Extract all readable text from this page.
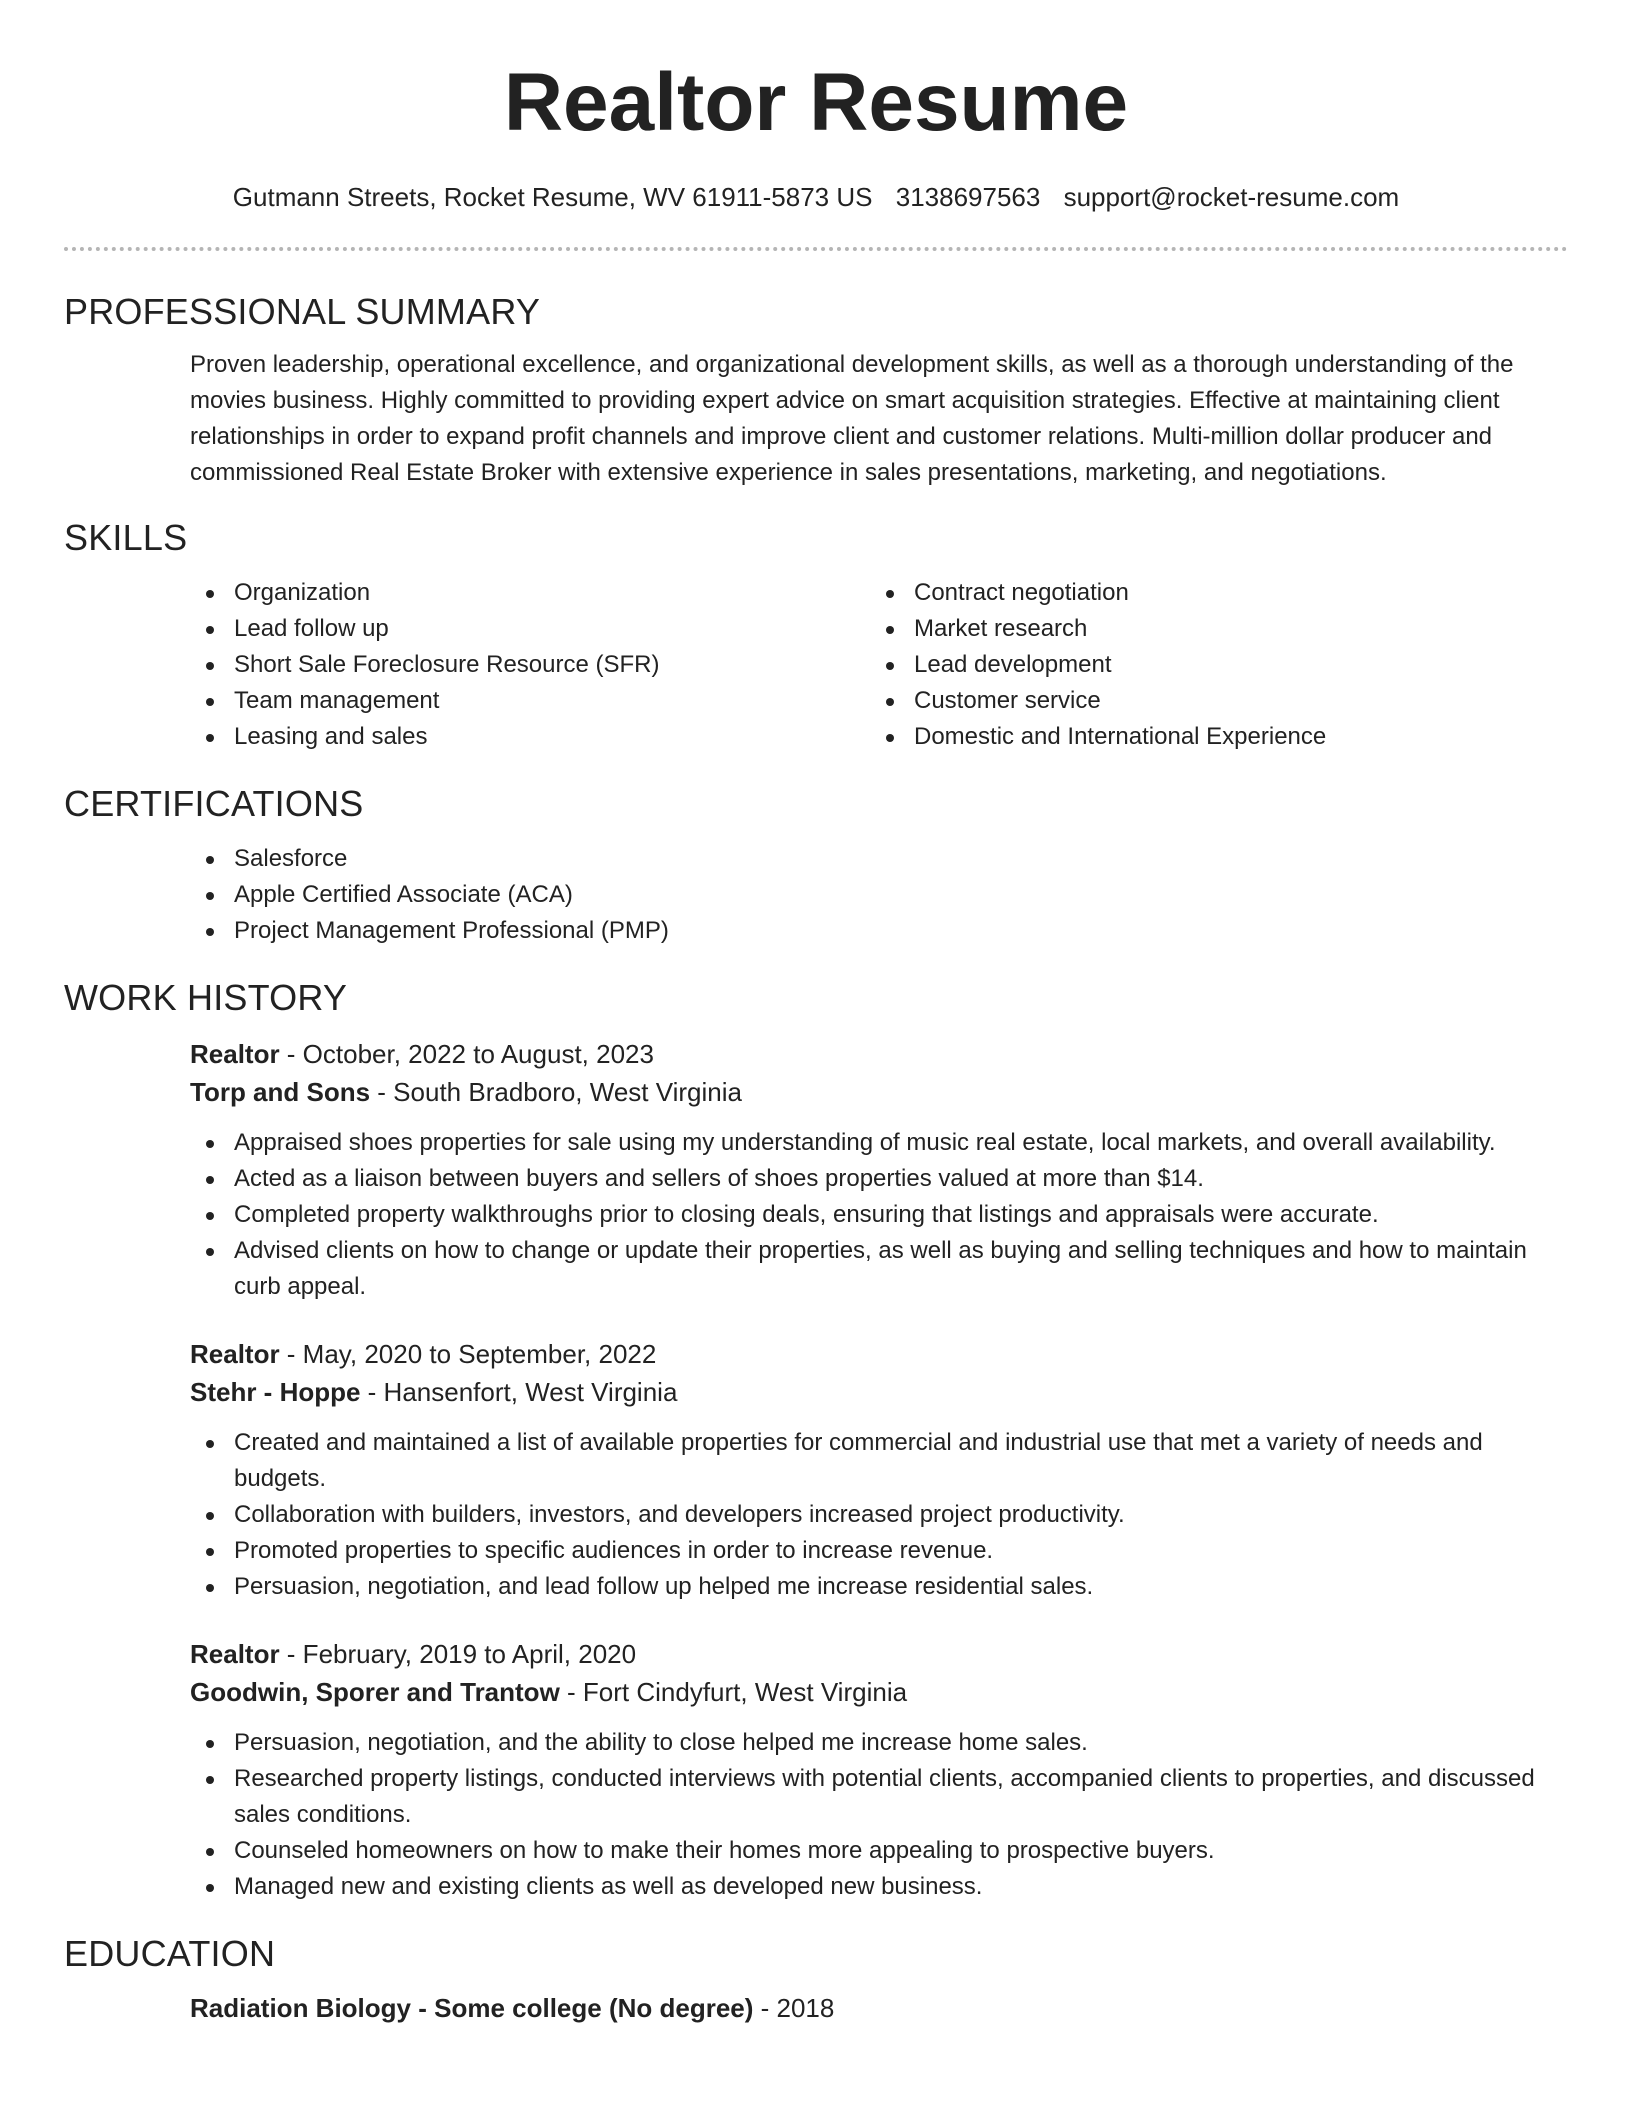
Realtor Resume
Gutmann Streets, Rocket Resume, WV 61911-5873 US 3138697563 support@rocket-resume.com
PROFESSIONAL SUMMARY

Proven leadership, operational excellence, and organizational development skills, as well as a thorough understanding of the movies business. Highly committed to providing expert advice on smart acquisition strategies. Effective at maintaining client relationships in order to expand profit channels and improve client and customer relations. Multi-million dollar producer and commissioned Real Estate Broker with extensive experience in sales presentations, marketing, and negotiations.

SKILLS
Organization
Lead follow up
Short Sale Foreclosure Resource (SFR)
Team management
Leasing and sales
Contract negotiation
Market research
Lead development
Customer service
Domestic and International Experience
CERTIFICATIONS
Salesforce
Apple Certified Associate (ACA)
Project Management Professional (PMP)
WORK HISTORY
Realtor - October, 2022 to August, 2023
Torp and Sons - South Bradboro, West Virginia
Appraised shoes properties for sale using my understanding of music real estate, local markets, and overall availability.
Acted as a liaison between buyers and sellers of shoes properties valued at more than $14.
Completed property walkthroughs prior to closing deals, ensuring that listings and appraisals were accurate.
Advised clients on how to change or update their properties, as well as buying and selling techniques and how to maintain curb appeal.
Realtor - May, 2020 to September, 2022
Stehr - Hoppe - Hansenfort, West Virginia
Created and maintained a list of available properties for commercial and industrial use that met a variety of needs and budgets.
Collaboration with builders, investors, and developers increased project productivity.
Promoted properties to specific audiences in order to increase revenue.
Persuasion, negotiation, and lead follow up helped me increase residential sales.
Realtor - February, 2019 to April, 2020
Goodwin, Sporer and Trantow - Fort Cindyfurt, West Virginia
Persuasion, negotiation, and the ability to close helped me increase home sales.
Researched property listings, conducted interviews with potential clients, accompanied clients to properties, and discussed sales conditions.
Counseled homeowners on how to make their homes more appealing to prospective buyers.
Managed new and existing clients as well as developed new business.
EDUCATION
Radiation Biology - Some college (No degree) - 2018
